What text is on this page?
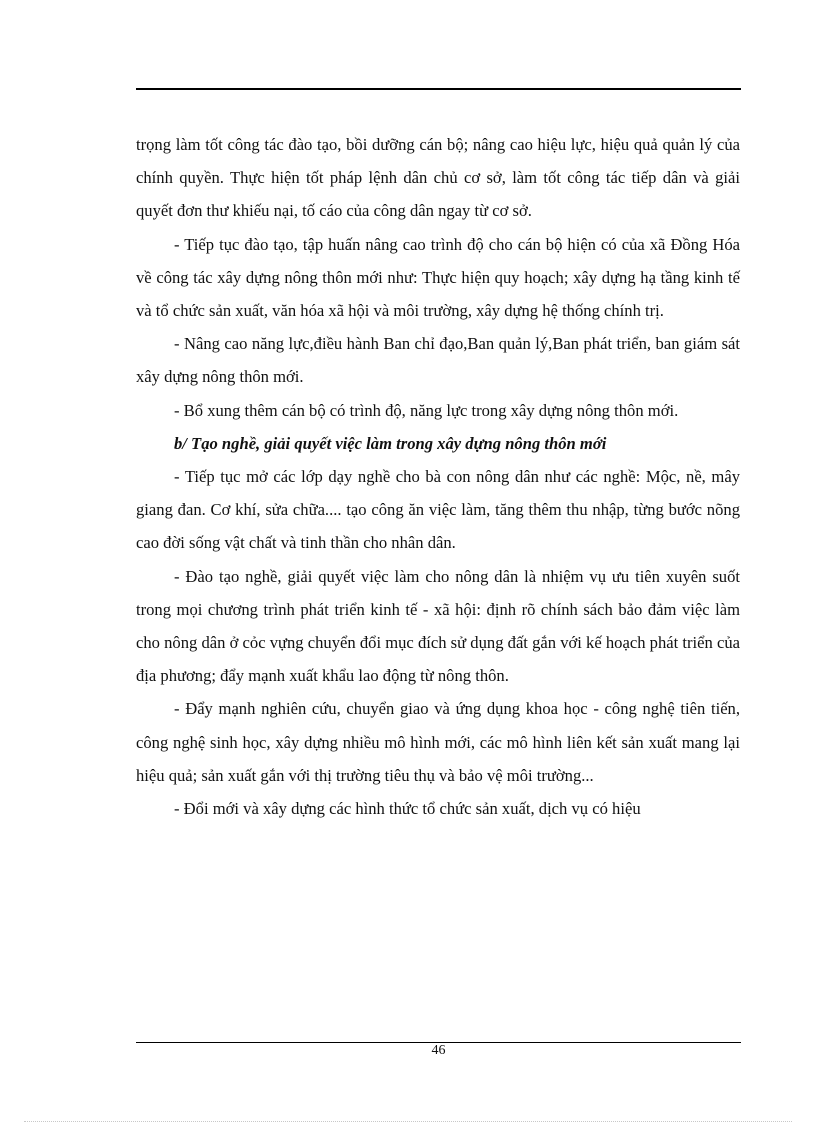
trọng làm tốt công tác đào tạo, bồi dưỡng cán bộ; nâng cao hiệu lực, hiệu quả quản lý của chính quyền. Thực hiện tốt pháp lệnh dân chủ cơ sở, làm tốt công tác tiếp dân và giải quyết đơn thư khiếu nại, tố cáo của công dân ngay từ cơ sở.

- Tiếp tục đào tạo, tập huấn nâng cao trình độ cho cán bộ hiện có của xã Đồng Hóa về công tác xây dựng nông thôn mới như: Thực hiện quy hoạch; xây dựng hạ tầng kinh tế và tổ chức sản xuất, văn hóa xã hội và môi trường, xây dựng hệ thống chính trị.

- Nâng cao năng lực,điều hành Ban chỉ đạo,Ban quản lý,Ban phát triển, ban giám sát xây dựng nông thôn mới.

- Bổ xung thêm cán bộ có trình độ, năng lực trong xây dựng nông thôn mới.

b/ Tạo nghề, giải quyết việc làm trong xây dựng nông thôn mới

- Tiếp tục mở các lớp dạy nghề cho bà con nông dân như các nghề: Mộc, nề, mây giang đan. Cơ khí, sửa chữa.... tạo công ăn việc làm, tăng thêm thu nhập, từng bước nõng cao đời sống vật chất và tinh thần cho nhân dân.

- Đào tạo nghề, giải quyết việc làm cho nông dân là nhiệm vụ ưu tiên xuyên suốt trong mọi chương trình phát triển kinh tế - xã hội: định rõ chính sách bảo đảm việc làm cho nông dân ở cỏc vựng chuyển đổi mục đích sử dụng đất gắn với kế hoạch phát triển của địa phương; đẩy mạnh xuất khẩu lao động từ nông thôn.

- Đẩy mạnh nghiên cứu, chuyển giao và ứng dụng khoa học - công nghệ tiên tiến, công nghệ sinh học, xây dựng nhiều mô hình mới, các mô hình liên kết sản xuất mang lại hiệu quả; sản xuất gắn với thị trường tiêu thụ và bảo vệ môi trường...

- Đổi mới và xây dựng các hình thức tổ chức sản xuất, dịch vụ có hiệu

46
